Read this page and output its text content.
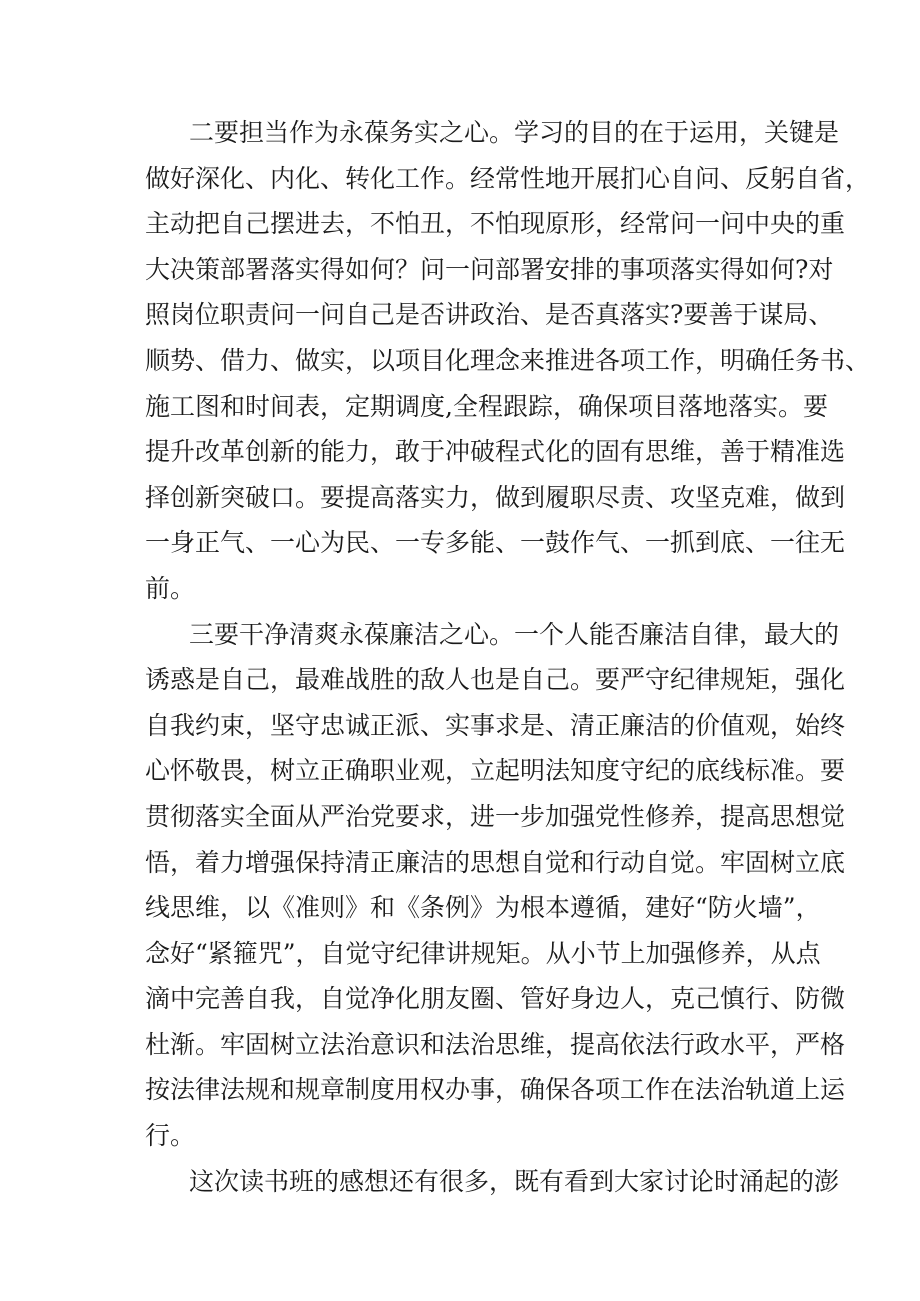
二要担当作为永葆务实之心。学习的目的在于运用，关键是
做好深化、内化、转化工作。经常性地开展扪心自问、反躬自省，
主动把自己摆进去，不怕丑，不怕现原形，经常问一问中央的重
大决策部署落实得如何？问一问部署安排的事项落实得如何?对
照岗位职责问一问自己是否讲政治、是否真落实?要善于谋局、
顺势、借力、做实，以项目化理念来推进各项工作，明确任务书、
施工图和时间表，定期调度,全程跟踪，确保项目落地落实。要
提升改革创新的能力，敢于冲破程式化的固有思维，善于精准选
择创新突破口。要提高落实力，做到履职尽责、攻坚克难，做到
一身正气、一心为民、一专多能、一鼓作气、一抓到底、一往无
前。
三要干净清爽永葆廉洁之心。一个人能否廉洁自律，最大的
诱惑是自己，最难战胜的敌人也是自己。要严守纪律规矩，强化
自我约束，坚守忠诚正派、实事求是、清正廉洁的价值观，始终
心怀敬畏，树立正确职业观，立起明法知度守纪的底线标准。要
贯彻落实全面从严治党要求，进一步加强党性修养，提高思想觉
悟，着力增强保持清正廉洁的思想自觉和行动自觉。牢固树立底
线思维，以《准则》和《条例》为根本遵循，建好“防火墙”，
念好“紧箍咒”，自觉守纪律讲规矩。从小节上加强修养，从点
滴中完善自我，自觉净化朋友圈、管好身边人，克己慎行、防微
杜渐。牢固树立法治意识和法治思维，提高依法行政水平，严格
按法律法规和规章制度用权办事，确保各项工作在法治轨道上运
行。
这次读书班的感想还有很多，既有看到大家讨论时涌起的澎
